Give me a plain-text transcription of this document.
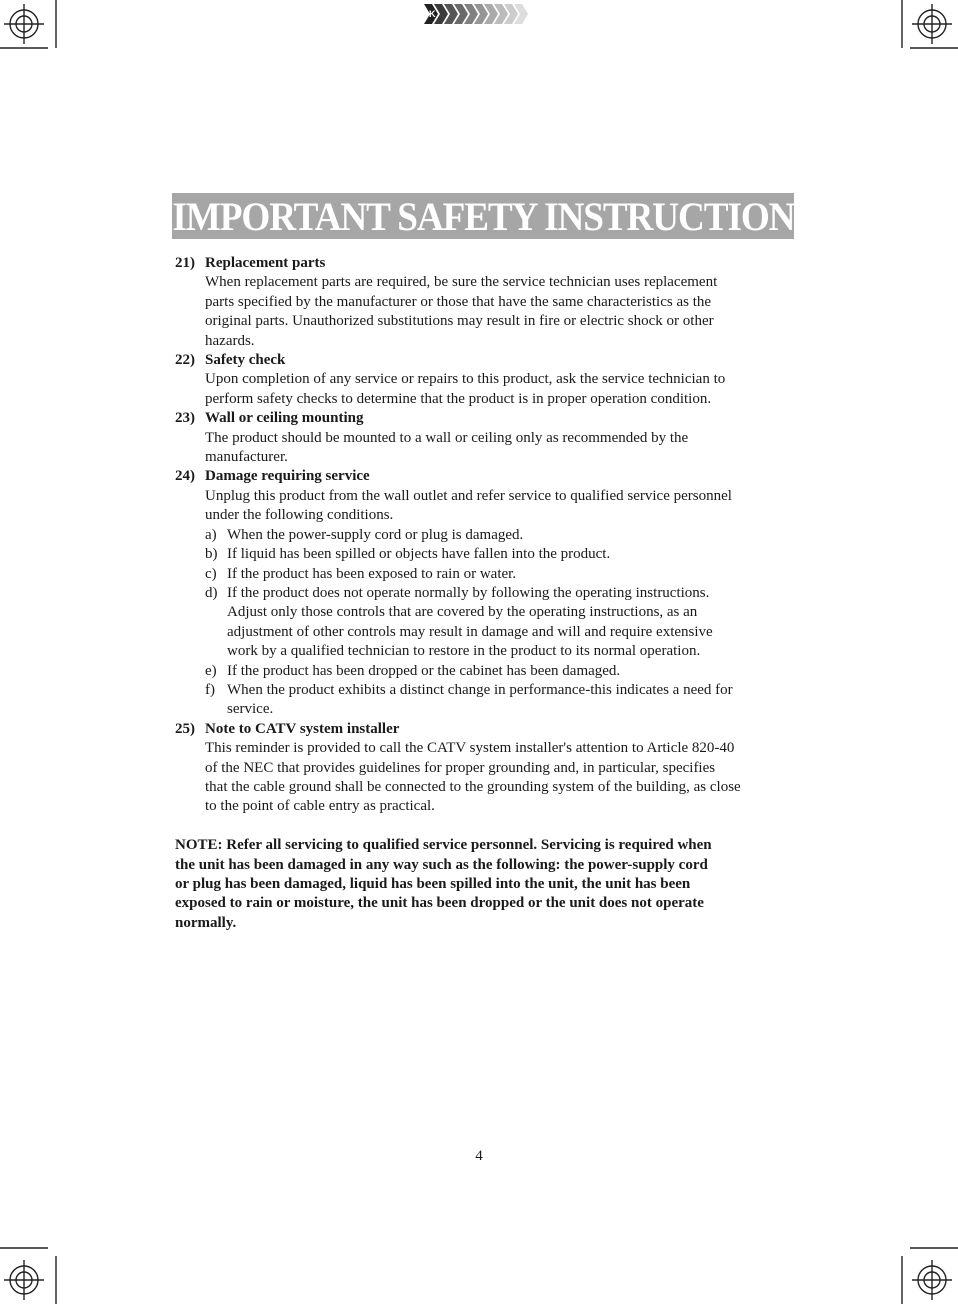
K
IMPORTANT SAFETY INSTRUCTION
21) Replacement parts
When replacement parts are required, be sure the service technician uses replacement
parts specified by the manufacturer or those that have the same characteristics as the
original parts. Unauthorized substitutions may result in fire or electric shock or other
hazards.
22) Safety check
Upon completion of any service or repairs to this product, ask the service technician to
perform safety checks to determine that the product is in proper operation condition.
23) Wall or ceiling mounting
The product should be mounted to a wall or ceiling only as recommended by the
manufacturer.
24) Damage requiring service
Unplug this product from the wall outlet and refer service to qualified service personnel
under the following conditions.
a) When the power-supply cord or plug is damaged.
b) If liquid has been spilled or objects have fallen into the product.
c) If the product has been exposed to rain or water.
d) If the product does not operate normally by following the operating instructions.
Adjust only those controls that are covered by the operating instructions, as an
adjustment of other controls may result in damage and will and require extensive
work by a qualified technician to restore in the product to its normal operation.
e) If the product has been dropped or the cabinet has been damaged.
f) When the product exhibits a distinct change in performance-this indicates a need for
service.
25) Note to CATV system installer
This reminder is provided to call the CATV system installer's attention to Article 820-40
of the NEC that provides guidelines for proper grounding and, in particular, specifies
that the cable ground shall be connected to the grounding system of the building, as close
to the point of cable entry as practical.
NOTE: Refer all servicing to qualified service personnel. Servicing is required when
the unit has been damaged in any way such as the following: the power-supply cord
or plug has been damaged, liquid has been spilled into the unit, the unit has been
exposed to rain or moisture, the unit has been dropped or the unit does not operate
normally.
4
